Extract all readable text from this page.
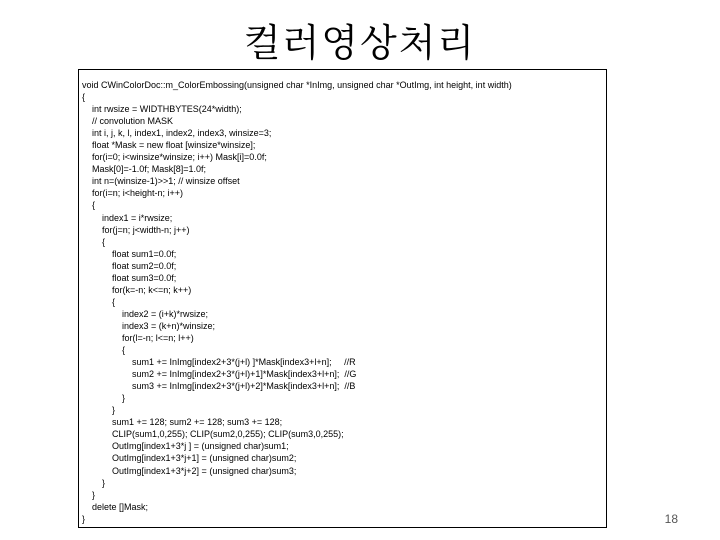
컬러영상처리
void CWinColorDoc::m_ColorEmbossing(unsigned char *InImg, unsigned char *OutImg, int height, int width)
{
int rwsize = WIDTHBYTES(24*width);
// convolution MASK
int i, j, k, l, index1, index2, index3, winsize=3;
float *Mask = new float [winsize*winsize];
for(i=0; i<winsize*winsize; i++) Mask[i]=0.0f;
Mask[0]=-1.0f; Mask[8]=1.0f;
int n=(winsize-1)>>1; // winsize offset
for(i=n; i<height-n; i++)
{
index1 = i*rwsize;
for(j=n; j<width-n; j++)
{
float sum1=0.0f;
float sum2=0.0f;
float sum3=0.0f;
for(k=-n; k<=n; k++)
{
index2 = (i+k)*rwsize;
index3 = (k+n)*winsize;
for(l=-n; l<=n; l++)
{
sum1 += InImg[index2+3*(j+l) ]*Mask[index3+l+n];     //R
sum2 += InImg[index2+3*(j+l)+1]*Mask[index3+l+n];  //G
sum3 += InImg[index2+3*(j+l)+2]*Mask[index3+l+n];  //B
}
}
sum1 += 128; sum2 += 128; sum3 += 128;
CLIP(sum1,0,255); CLIP(sum2,0,255); CLIP(sum3,0,255);
OutImg[index1+3*j ] = (unsigned char)sum1;
OutImg[index1+3*j+1] = (unsigned char)sum2;
OutImg[index1+3*j+2] = (unsigned char)sum3;
}
}
delete []Mask;
}	18
